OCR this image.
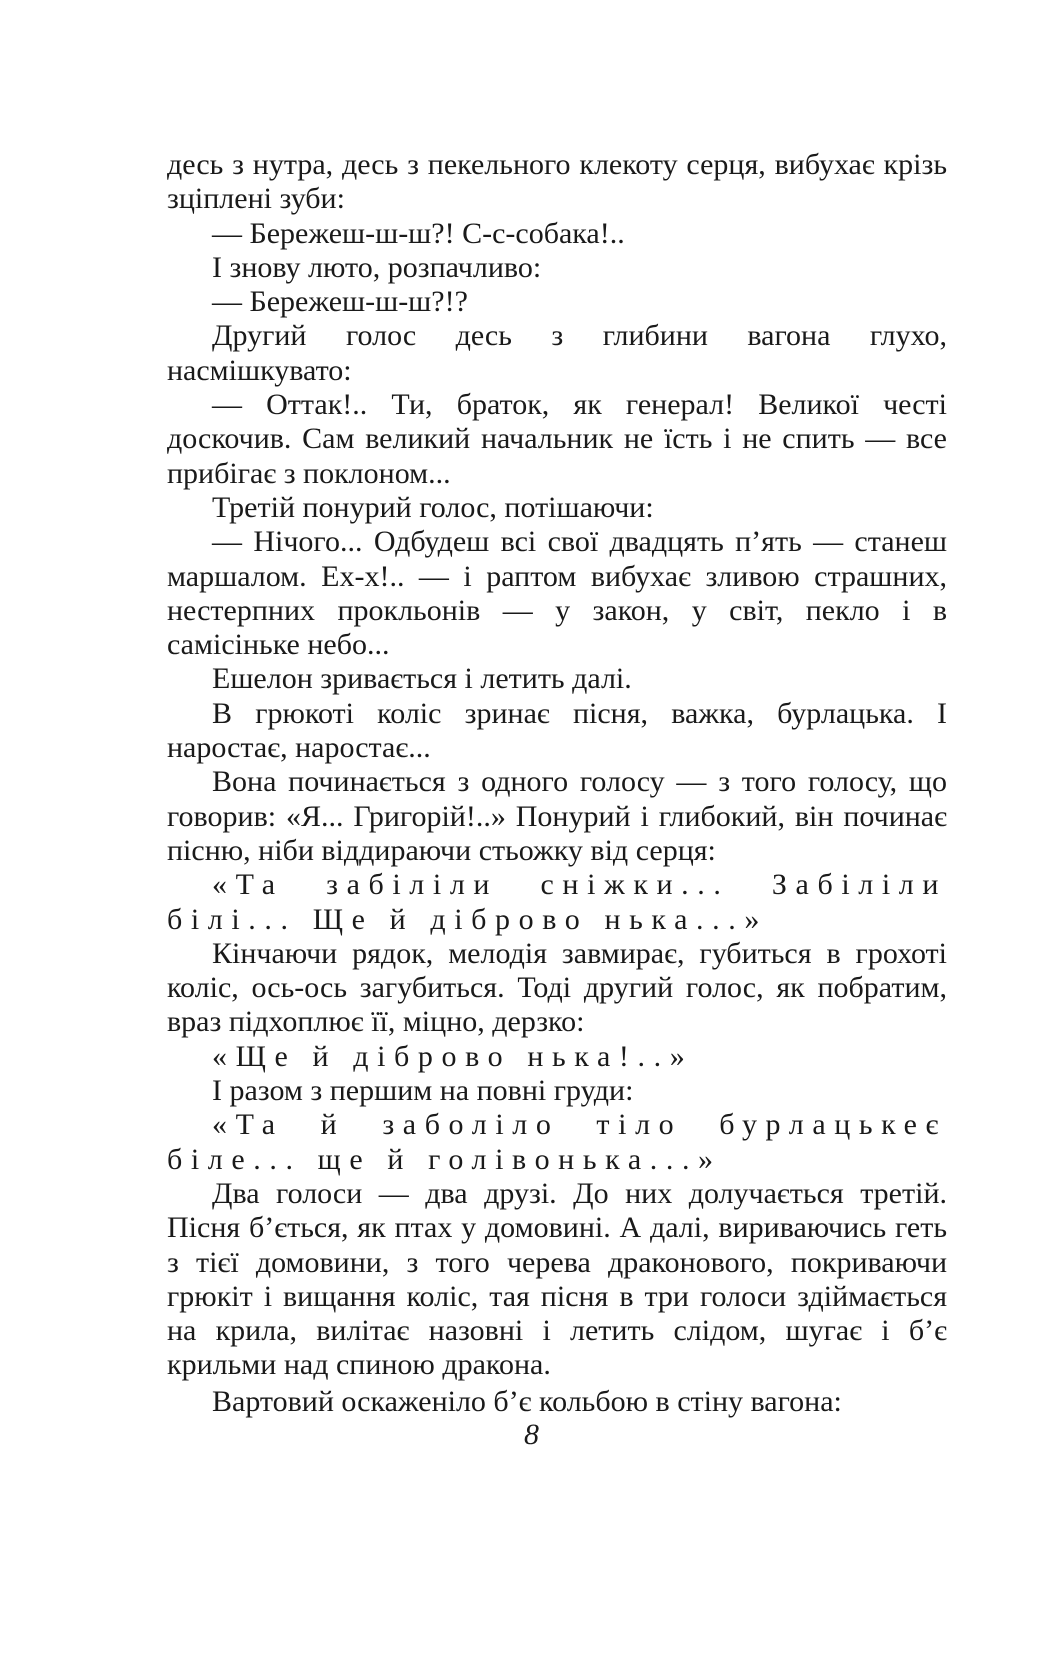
десь з нутра, десь з пекельного клекоту серця, вибухає крізь зціплені зуби:

— Бережеш-ш-ш?! С-с-собака!..

І знову люто, розпачливо:

— Бережеш-ш-ш?!?

Другий голос десь з глибини вагона глухо, насмішкувато:

— Оттак!.. Ти, браток, як генерал! Великої честі доскочив. Сам великий начальник не їсть і не спить — все прибігає з поклоном...

Третій понурий голос, потішаючи:

— Нічого... Одбудеш всі свої двадцять п’ять — станеш маршалом. Ех-х!.. — і раптом вибухає зливою страшних, нестерпних прокльонів — у закон, у світ, пекло і в самісіньке небо...

Ешелон зривається і летить далі.

В грюкоті коліс зринає пісня, важка, бурлацька. І наростає, наростає...

Вона починається з одного голосу — з того голосу, що говорив: «Я... Григорій!..» Понурий і глибокий, він починає пісню, ніби віддираючи стьожку від серця:

«Та забіліли сніжки... Забіліли білі... Ще й діброво нька...»

Кінчаючи рядок, мелодія завмирає, губиться в грохоті коліс, ось-ось загубиться. Тоді другий голос, як побратим, враз підхоплює її, міцно, дерзко:

«Ще й діброво нька!..»

І разом з першим на повні груди:

«Та й заболіло тіло бурлацькеє біле... ще й голівонька...»

Два голоси — два друзі. До них долучається третій. Пісня б’ється, як птах у домовині. А далі, вириваючись геть з тієї домовини, з того черева драконового, покриваючи грюкіт і вищання коліс, тая пісня в три голоси здіймається на крила, вилітає назовні і летить слідом, шугає і б’є крильми над спиною дракона.

Вартовий оскаженіло б’є кольбою в стіну вагона:

8
